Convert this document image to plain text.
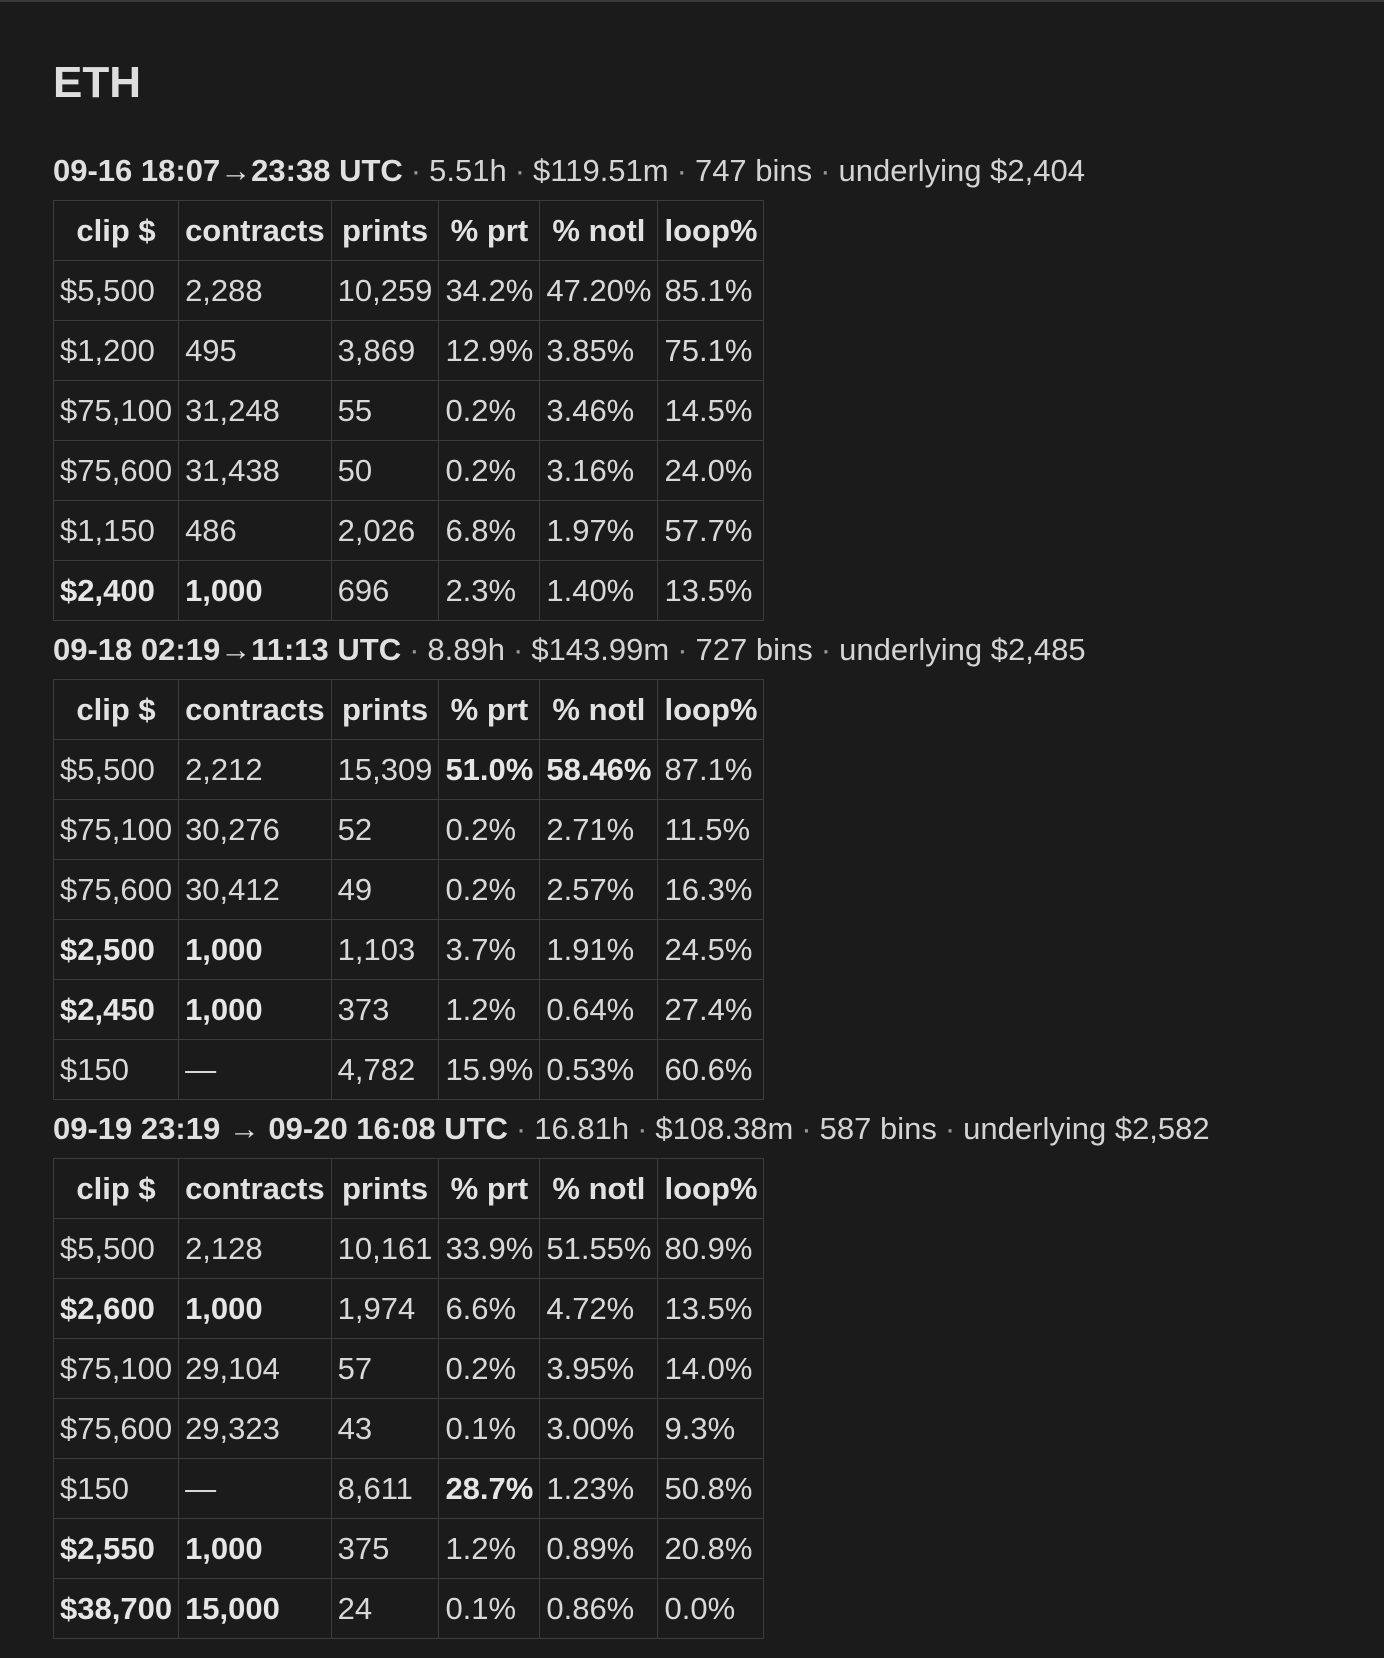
ETH
09-16 18:07→23:38 UTC · 5.51h · $119.51m · 747 bins · underlying $2,404
clip $	contracts	prints	% prt	% notl	loop%
$5,500	2,288	10,259	34.2%	47.20%	85.1%
$1,200	495	3,869	12.9%	3.85%	75.1%
$75,100	31,248	55	0.2%	3.46%	14.5%
$75,600	31,438	50	0.2%	3.16%	24.0%
$1,150	486	2,026	6.8%	1.97%	57.7%
$2,400	1,000	696	2.3%	1.40%	13.5%
09-18 02:19→11:13 UTC · 8.89h · $143.99m · 727 bins · underlying $2,485
clip $	contracts	prints	% prt	% notl	loop%
$5,500	2,212	15,309	51.0%	58.46%	87.1%
$75,100	30,276	52	0.2%	2.71%	11.5%
$75,600	30,412	49	0.2%	2.57%	16.3%
$2,500	1,000	1,103	3.7%	1.91%	24.5%
$2,450	1,000	373	1.2%	0.64%	27.4%
$150	—	4,782	15.9%	0.53%	60.6%
09-19 23:19 → 09-20 16:08 UTC · 16.81h · $108.38m · 587 bins · underlying $2,582
clip $	contracts	prints	% prt	% notl	loop%
$5,500	2,128	10,161	33.9%	51.55%	80.9%
$2,600	1,000	1,974	6.6%	4.72%	13.5%
$75,100	29,104	57	0.2%	3.95%	14.0%
$75,600	29,323	43	0.1%	3.00%	9.3%
$150	—	8,611	28.7%	1.23%	50.8%
$2,550	1,000	375	1.2%	0.89%	20.8%
$38,700	15,000	24	0.1%	0.86%	0.0%
